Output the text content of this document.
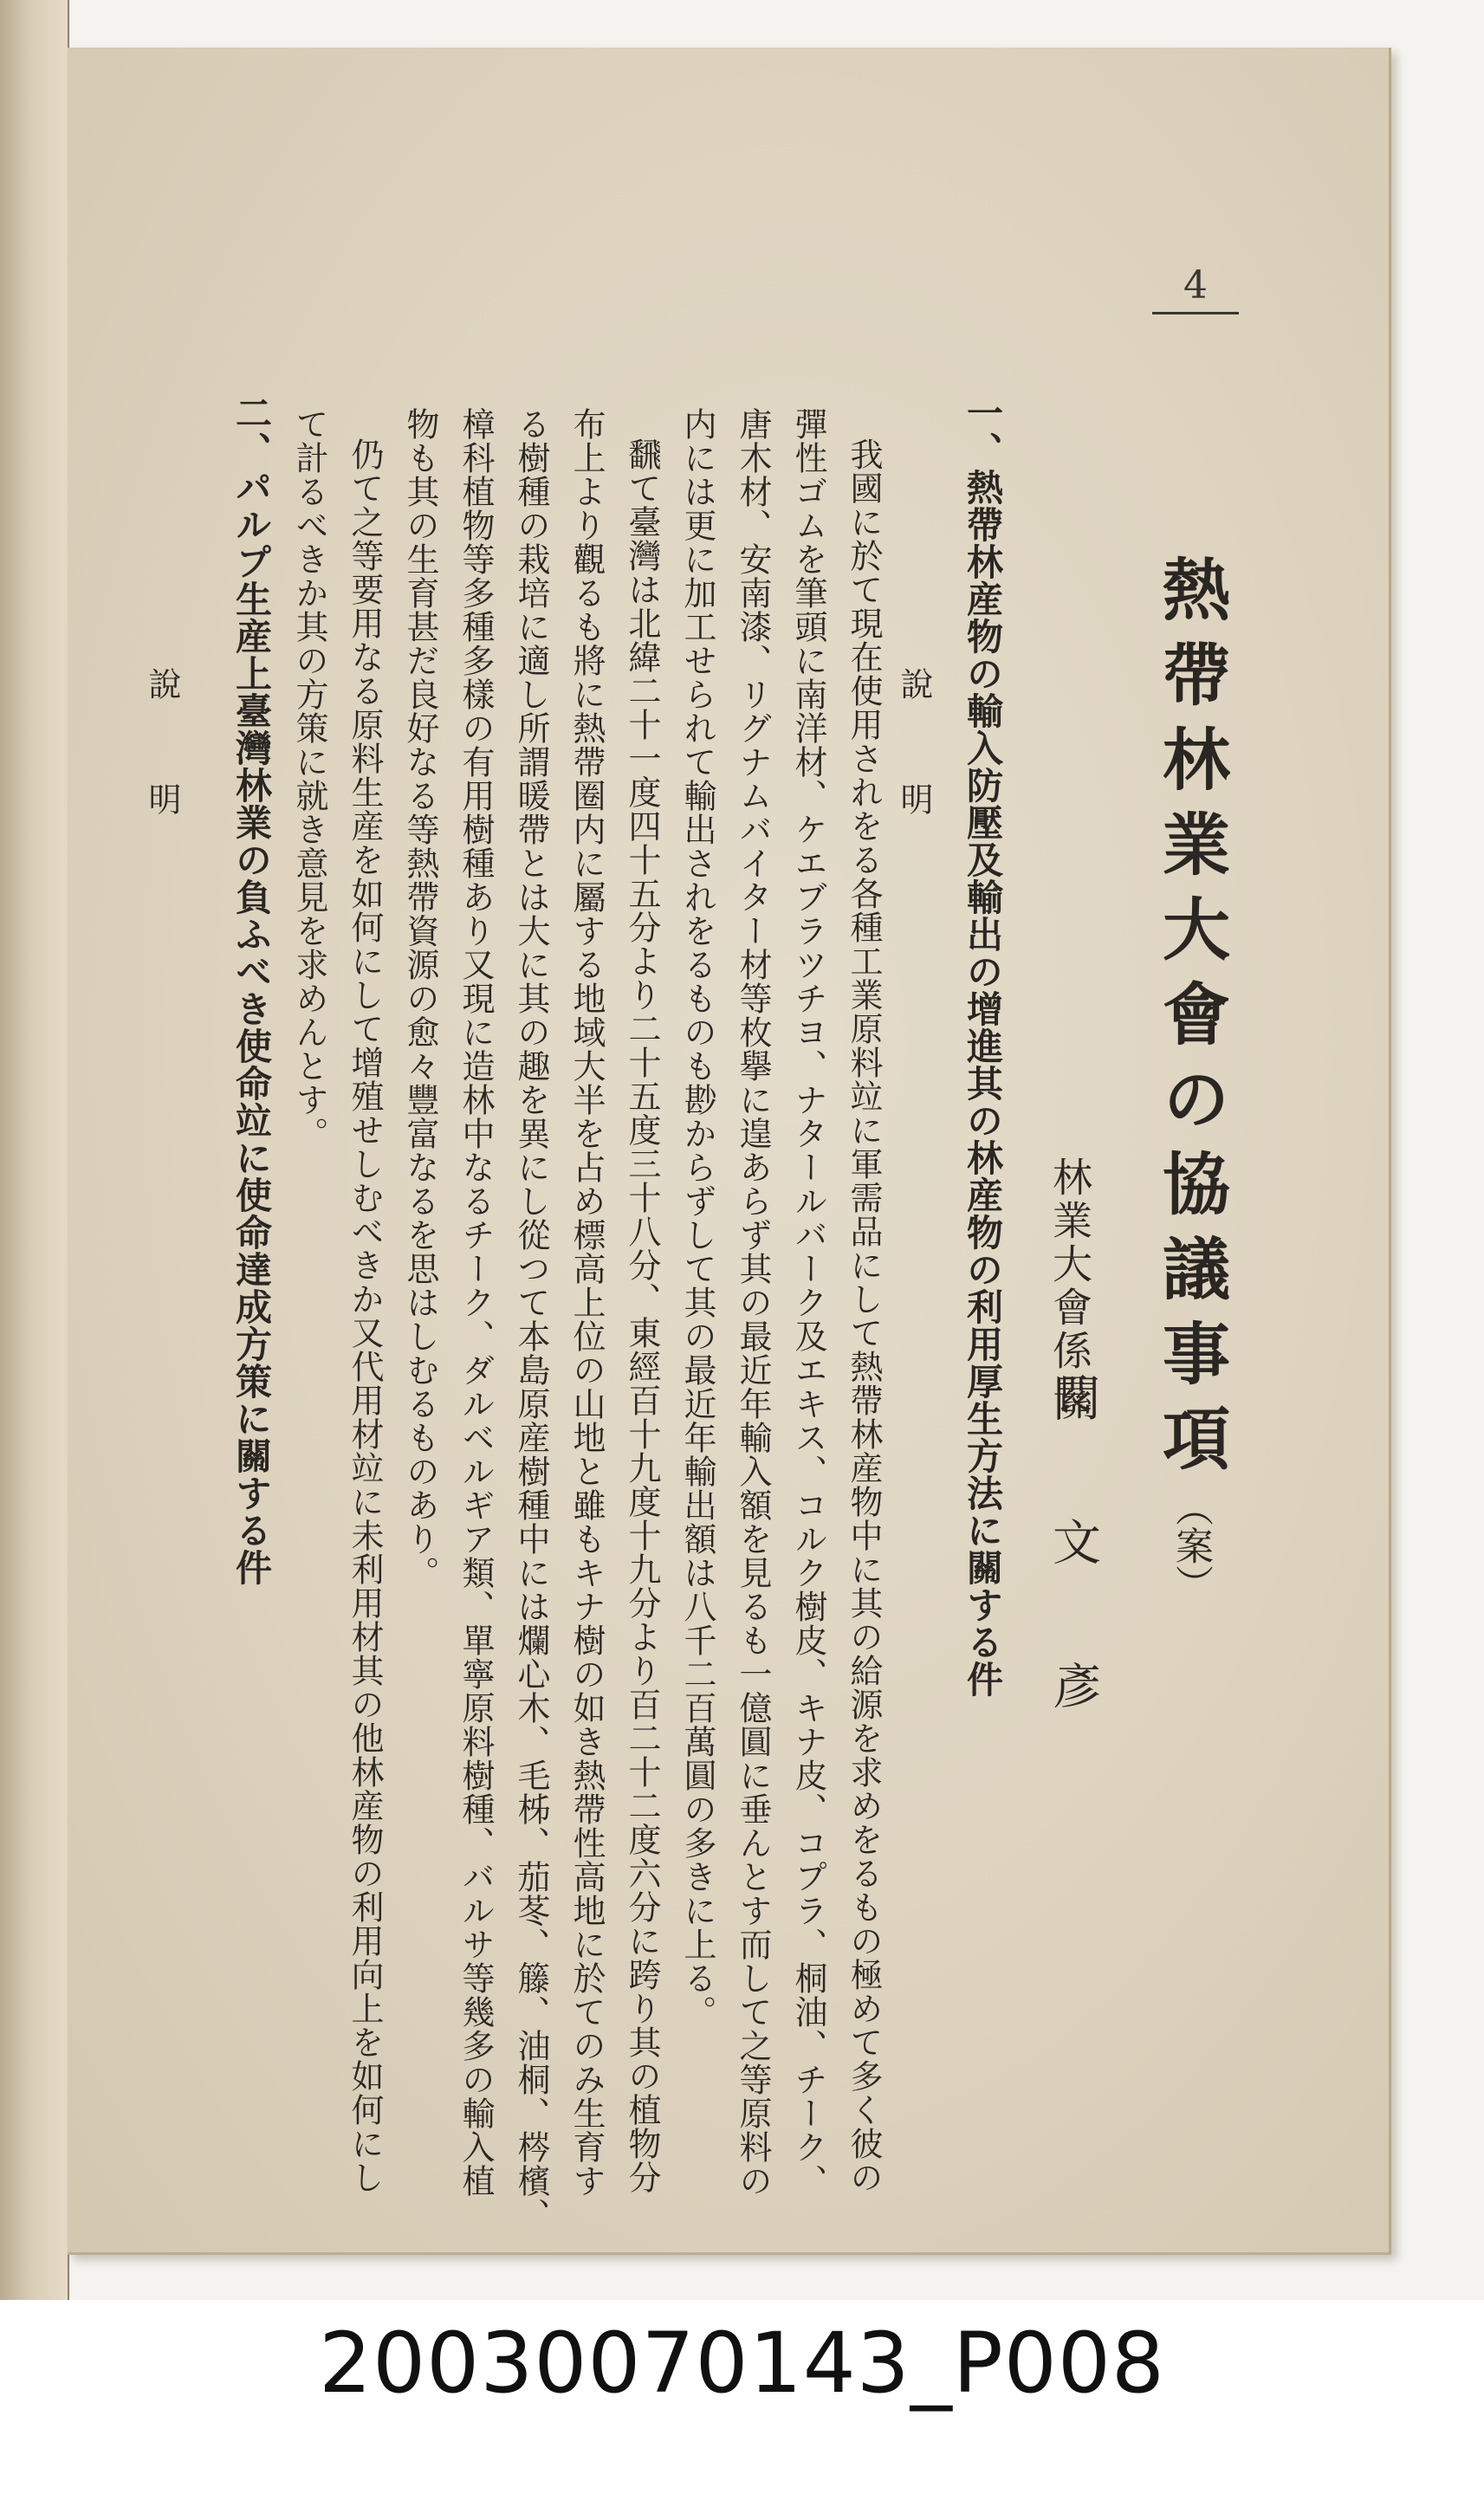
4
熱帶林業大會の協議事項（案）
林業大會係長
關文彥
一、熱帶林産物の輸入防壓及輸出の增進其の林産物の利用厚生方法に關する件
說明
我國に於て現在使用されをる各種工業原料竝に軍需品にして熱帶林産物中に其の給源を求めをるもの極めて多く彼の
彈性ゴムを筆頭に南洋材、ケエブラツチヨ、ナタールバーク及エキス、コルク樹皮、キナ皮、コプラ、桐油、チーク、
唐木材、安南漆、リグナムバイター材等枚擧に遑あらず其の最近年輸入額を見るも一億圓に垂んとす而して之等原料の
内には更に加工せられて輸出されをるものも尠からずして其の最近年輸出額は八千二百萬圓の多きに上る。
飜て臺灣は北緯二十一度四十五分より二十五度三十八分、東經百十九度十九分より百二十二度六分に跨り其の植物分
布上より觀るも將に熱帶圈内に屬する地域大半を占め標高上位の山地と雖もキナ樹の如き熱帶性高地に於てのみ生育す
る樹種の栽培に適し所謂暖帶とは大に其の趣を異にし從つて本島原産樹種中には爛心木、毛柹、茄苳、籐、油桐、梣檳、
樟科植物等多種多樣の有用樹種あり又現に造林中なるチーク、ダルベルギア類、單寧原料樹種、バルサ等幾多の輸入植
物も其の生育甚だ良好なる等熱帶資源の愈々豐富なるを思はしむるものあり。
仍て之等要用なる原料生産を如何にして增殖せしむべきか又代用材竝に未利用材其の他林産物の利用向上を如何にし
て計るべきか其の方策に就き意見を求めんとす。
二、パルプ生産上臺灣林業の負ふべき使命竝に使命達成方策に關する件
說明
20030070143_P008
